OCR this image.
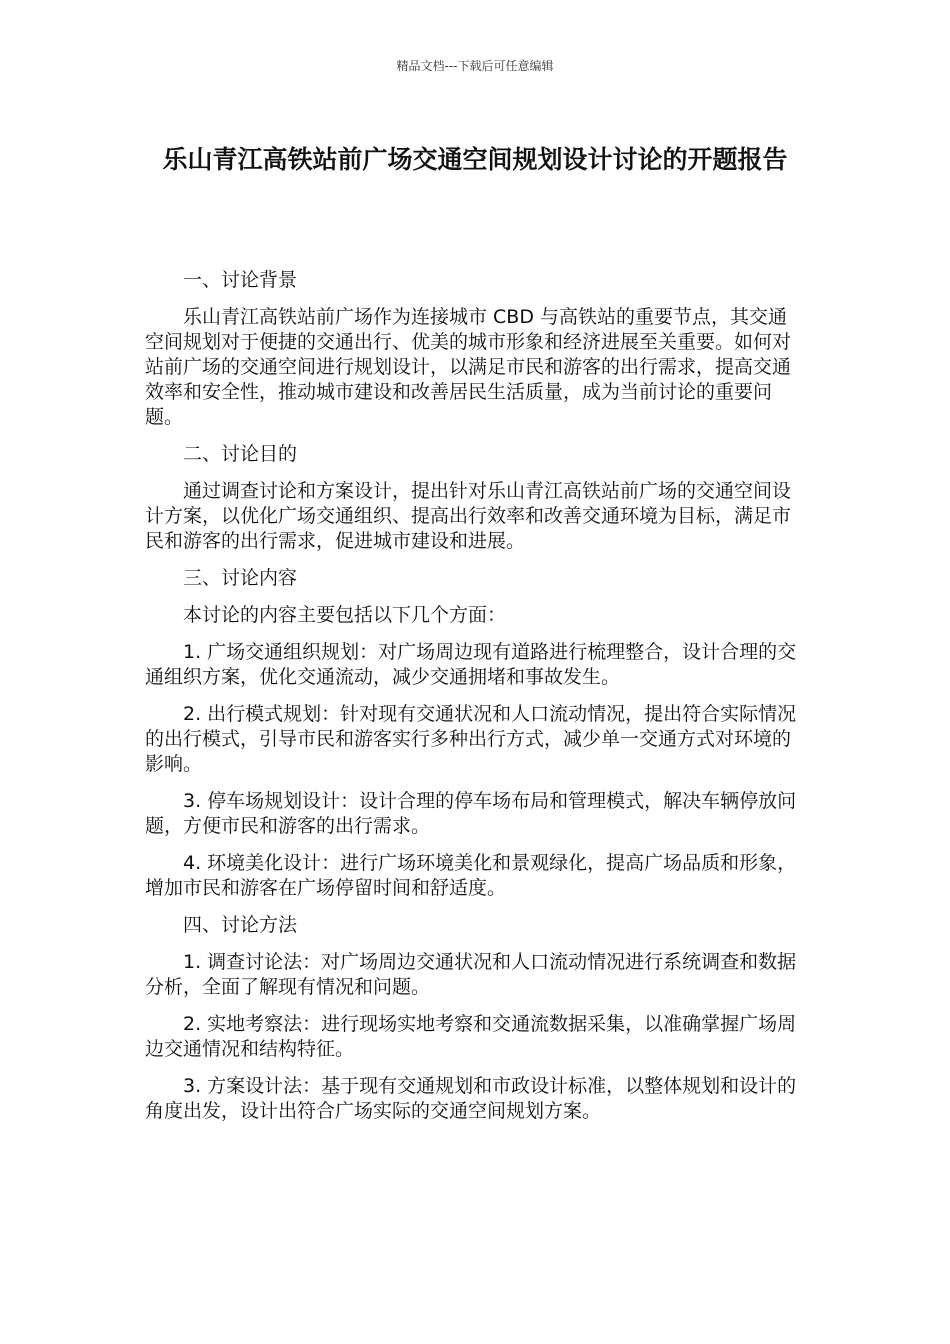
精品文档---下载后可任意编辑
乐山青江高铁站前广场交通空间规划设计讨论的开题报告

一、讨论背景

乐山青江高铁站前广场作为连接城市 CBD 与高铁站的重要节点，其交通空间规划对于便捷的交通出行、优美的城市形象和经济进展至关重要。如何对站前广场的交通空间进行规划设计，以满足市民和游客的出行需求，提高交通效率和安全性，推动城市建设和改善居民生活质量，成为当前讨论的重要问题。

二、讨论目的

通过调查讨论和方案设计，提出针对乐山青江高铁站前广场的交通空间设计方案，以优化广场交通组织、提高出行效率和改善交通环境为目标，满足市民和游客的出行需求，促进城市建设和进展。

三、讨论内容

本讨论的内容主要包括以下几个方面：

1. 广场交通组织规划：对广场周边现有道路进行梳理整合，设计合理的交通组织方案，优化交通流动，减少交通拥堵和事故发生。

2. 出行模式规划：针对现有交通状况和人口流动情况，提出符合实际情况的出行模式，引导市民和游客实行多种出行方式，减少单一交通方式对环境的影响。

3. 停车场规划设计：设计合理的停车场布局和管理模式，解决车辆停放问题，方便市民和游客的出行需求。

4. 环境美化设计：进行广场环境美化和景观绿化，提高广场品质和形象，增加市民和游客在广场停留时间和舒适度。

四、讨论方法

1. 调查讨论法：对广场周边交通状况和人口流动情况进行系统调查和数据分析，全面了解现有情况和问题。

2. 实地考察法：进行现场实地考察和交通流数据采集，以准确掌握广场周边交通情况和结构特征。

3. 方案设计法：基于现有交通规划和市政设计标准，以整体规划和设计的角度出发，设计出符合广场实际的交通空间规划方案。
